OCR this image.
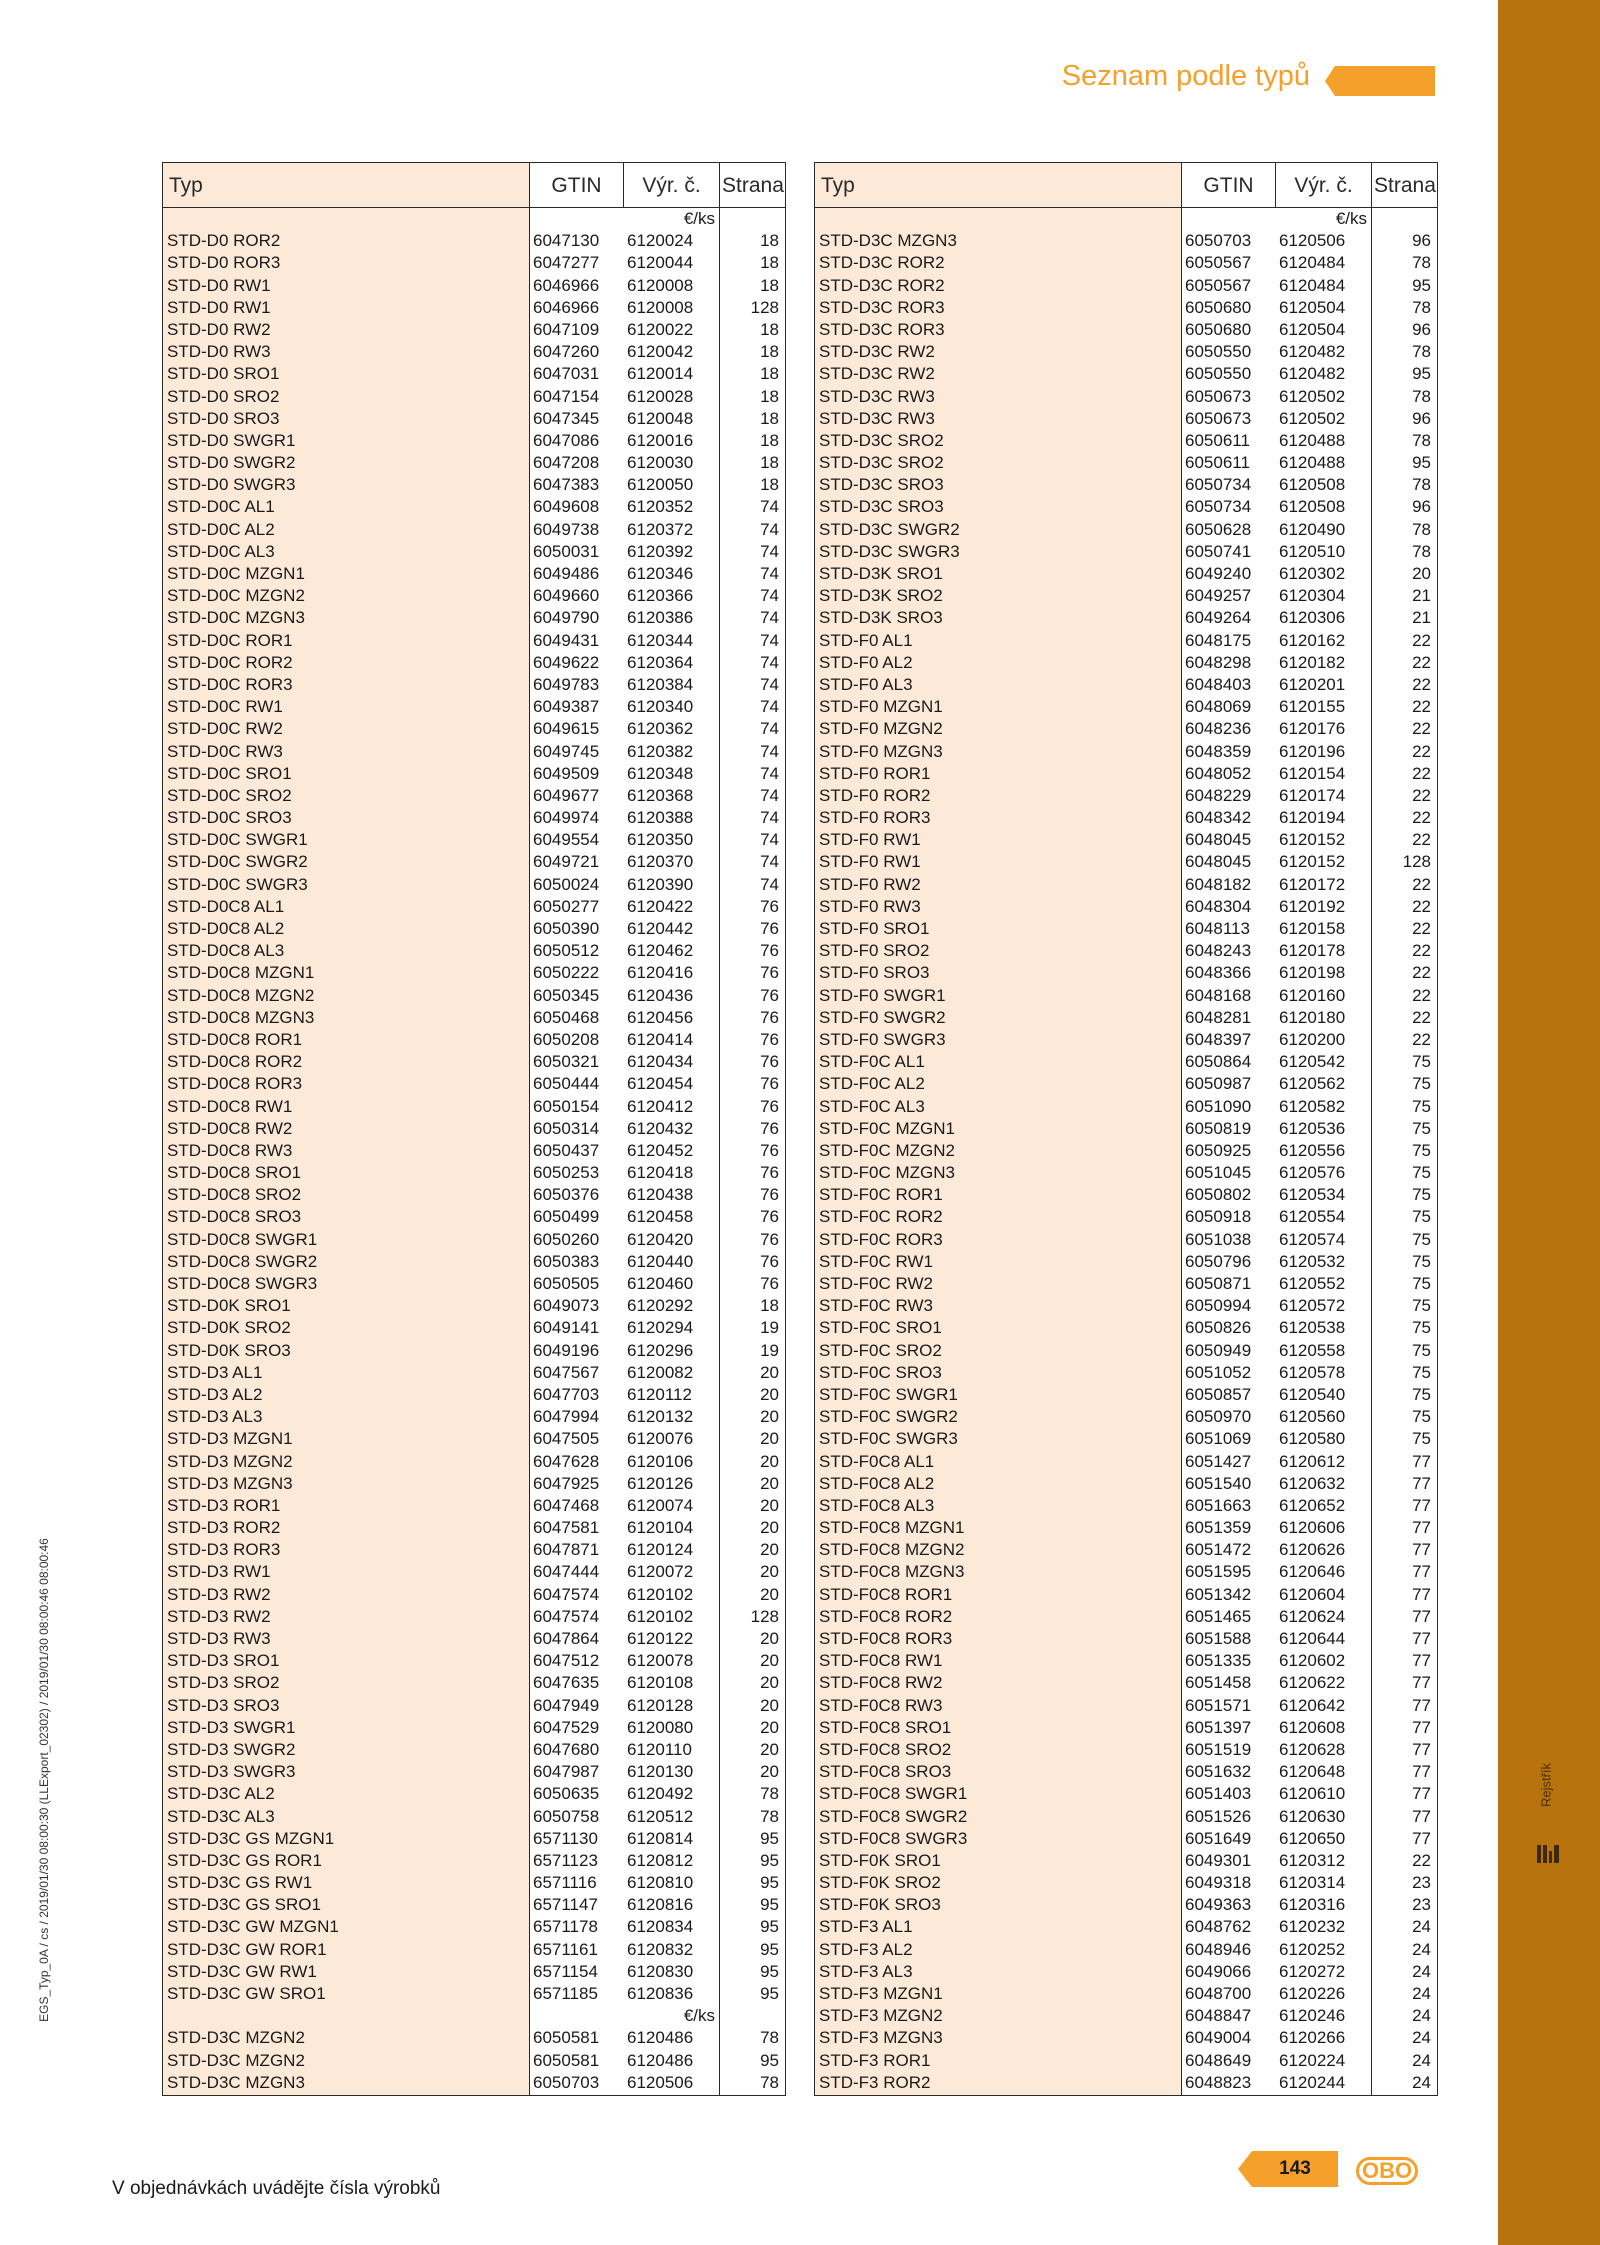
Rejstřík
Seznam podle typů
EGS_Typ_0A / cs / 2019/01/30 08:00:30 (LLExport_02302) / 2019/01/30 08:00:46 08:00:46
Typ	GTIN	Výr. č.	Strana
€/ks
STD-D0 ROR2	6047130	6120024	18
STD-D0 ROR3	6047277	6120044	18
STD-D0 RW1	6046966	6120008	18
STD-D0 RW1	6046966	6120008	128
STD-D0 RW2	6047109	6120022	18
STD-D0 RW3	6047260	6120042	18
STD-D0 SRO1	6047031	6120014	18
STD-D0 SRO2	6047154	6120028	18
STD-D0 SRO3	6047345	6120048	18
STD-D0 SWGR1	6047086	6120016	18
STD-D0 SWGR2	6047208	6120030	18
STD-D0 SWGR3	6047383	6120050	18
STD-D0C AL1	6049608	6120352	74
STD-D0C AL2	6049738	6120372	74
STD-D0C AL3	6050031	6120392	74
STD-D0C MZGN1	6049486	6120346	74
STD-D0C MZGN2	6049660	6120366	74
STD-D0C MZGN3	6049790	6120386	74
STD-D0C ROR1	6049431	6120344	74
STD-D0C ROR2	6049622	6120364	74
STD-D0C ROR3	6049783	6120384	74
STD-D0C RW1	6049387	6120340	74
STD-D0C RW2	6049615	6120362	74
STD-D0C RW3	6049745	6120382	74
STD-D0C SRO1	6049509	6120348	74
STD-D0C SRO2	6049677	6120368	74
STD-D0C SRO3	6049974	6120388	74
STD-D0C SWGR1	6049554	6120350	74
STD-D0C SWGR2	6049721	6120370	74
STD-D0C SWGR3	6050024	6120390	74
STD-D0C8 AL1	6050277	6120422	76
STD-D0C8 AL2	6050390	6120442	76
STD-D0C8 AL3	6050512	6120462	76
STD-D0C8 MZGN1	6050222	6120416	76
STD-D0C8 MZGN2	6050345	6120436	76
STD-D0C8 MZGN3	6050468	6120456	76
STD-D0C8 ROR1	6050208	6120414	76
STD-D0C8 ROR2	6050321	6120434	76
STD-D0C8 ROR3	6050444	6120454	76
STD-D0C8 RW1	6050154	6120412	76
STD-D0C8 RW2	6050314	6120432	76
STD-D0C8 RW3	6050437	6120452	76
STD-D0C8 SRO1	6050253	6120418	76
STD-D0C8 SRO2	6050376	6120438	76
STD-D0C8 SRO3	6050499	6120458	76
STD-D0C8 SWGR1	6050260	6120420	76
STD-D0C8 SWGR2	6050383	6120440	76
STD-D0C8 SWGR3	6050505	6120460	76
STD-D0K SRO1	6049073	6120292	18
STD-D0K SRO2	6049141	6120294	19
STD-D0K SRO3	6049196	6120296	19
STD-D3 AL1	6047567	6120082	20
STD-D3 AL2	6047703	6120112	20
STD-D3 AL3	6047994	6120132	20
STD-D3 MZGN1	6047505	6120076	20
STD-D3 MZGN2	6047628	6120106	20
STD-D3 MZGN3	6047925	6120126	20
STD-D3 ROR1	6047468	6120074	20
STD-D3 ROR2	6047581	6120104	20
STD-D3 ROR3	6047871	6120124	20
STD-D3 RW1	6047444	6120072	20
STD-D3 RW2	6047574	6120102	20
STD-D3 RW2	6047574	6120102	128
STD-D3 RW3	6047864	6120122	20
STD-D3 SRO1	6047512	6120078	20
STD-D3 SRO2	6047635	6120108	20
STD-D3 SRO3	6047949	6120128	20
STD-D3 SWGR1	6047529	6120080	20
STD-D3 SWGR2	6047680	6120110	20
STD-D3 SWGR3	6047987	6120130	20
STD-D3C AL2	6050635	6120492	78
STD-D3C AL3	6050758	6120512	78
STD-D3C GS MZGN1	6571130	6120814	95
STD-D3C GS ROR1	6571123	6120812	95
STD-D3C GS RW1	6571116	6120810	95
STD-D3C GS SRO1	6571147	6120816	95
STD-D3C GW MZGN1	6571178	6120834	95
STD-D3C GW ROR1	6571161	6120832	95
STD-D3C GW RW1	6571154	6120830	95
STD-D3C GW SRO1	6571185	6120836	95
€/ks
STD-D3C MZGN2	6050581	6120486	78
STD-D3C MZGN2	6050581	6120486	95
STD-D3C MZGN3	6050703	6120506	78
Typ	GTIN	Výr. č.	Strana
€/ks
STD-D3C MZGN3	6050703	6120506	96
STD-D3C ROR2	6050567	6120484	78
STD-D3C ROR2	6050567	6120484	95
STD-D3C ROR3	6050680	6120504	78
STD-D3C ROR3	6050680	6120504	96
STD-D3C RW2	6050550	6120482	78
STD-D3C RW2	6050550	6120482	95
STD-D3C RW3	6050673	6120502	78
STD-D3C RW3	6050673	6120502	96
STD-D3C SRO2	6050611	6120488	78
STD-D3C SRO2	6050611	6120488	95
STD-D3C SRO3	6050734	6120508	78
STD-D3C SRO3	6050734	6120508	96
STD-D3C SWGR2	6050628	6120490	78
STD-D3C SWGR3	6050741	6120510	78
STD-D3K SRO1	6049240	6120302	20
STD-D3K SRO2	6049257	6120304	21
STD-D3K SRO3	6049264	6120306	21
STD-F0 AL1	6048175	6120162	22
STD-F0 AL2	6048298	6120182	22
STD-F0 AL3	6048403	6120201	22
STD-F0 MZGN1	6048069	6120155	22
STD-F0 MZGN2	6048236	6120176	22
STD-F0 MZGN3	6048359	6120196	22
STD-F0 ROR1	6048052	6120154	22
STD-F0 ROR2	6048229	6120174	22
STD-F0 ROR3	6048342	6120194	22
STD-F0 RW1	6048045	6120152	22
STD-F0 RW1	6048045	6120152	128
STD-F0 RW2	6048182	6120172	22
STD-F0 RW3	6048304	6120192	22
STD-F0 SRO1	6048113	6120158	22
STD-F0 SRO2	6048243	6120178	22
STD-F0 SRO3	6048366	6120198	22
STD-F0 SWGR1	6048168	6120160	22
STD-F0 SWGR2	6048281	6120180	22
STD-F0 SWGR3	6048397	6120200	22
STD-F0C AL1	6050864	6120542	75
STD-F0C AL2	6050987	6120562	75
STD-F0C AL3	6051090	6120582	75
STD-F0C MZGN1	6050819	6120536	75
STD-F0C MZGN2	6050925	6120556	75
STD-F0C MZGN3	6051045	6120576	75
STD-F0C ROR1	6050802	6120534	75
STD-F0C ROR2	6050918	6120554	75
STD-F0C ROR3	6051038	6120574	75
STD-F0C RW1	6050796	6120532	75
STD-F0C RW2	6050871	6120552	75
STD-F0C RW3	6050994	6120572	75
STD-F0C SRO1	6050826	6120538	75
STD-F0C SRO2	6050949	6120558	75
STD-F0C SRO3	6051052	6120578	75
STD-F0C SWGR1	6050857	6120540	75
STD-F0C SWGR2	6050970	6120560	75
STD-F0C SWGR3	6051069	6120580	75
STD-F0C8 AL1	6051427	6120612	77
STD-F0C8 AL2	6051540	6120632	77
STD-F0C8 AL3	6051663	6120652	77
STD-F0C8 MZGN1	6051359	6120606	77
STD-F0C8 MZGN2	6051472	6120626	77
STD-F0C8 MZGN3	6051595	6120646	77
STD-F0C8 ROR1	6051342	6120604	77
STD-F0C8 ROR2	6051465	6120624	77
STD-F0C8 ROR3	6051588	6120644	77
STD-F0C8 RW1	6051335	6120602	77
STD-F0C8 RW2	6051458	6120622	77
STD-F0C8 RW3	6051571	6120642	77
STD-F0C8 SRO1	6051397	6120608	77
STD-F0C8 SRO2	6051519	6120628	77
STD-F0C8 SRO3	6051632	6120648	77
STD-F0C8 SWGR1	6051403	6120610	77
STD-F0C8 SWGR2	6051526	6120630	77
STD-F0C8 SWGR3	6051649	6120650	77
STD-F0K SRO1	6049301	6120312	22
STD-F0K SRO2	6049318	6120314	23
STD-F0K SRO3	6049363	6120316	23
STD-F3 AL1	6048762	6120232	24
STD-F3 AL2	6048946	6120252	24
STD-F3 AL3	6049066	6120272	24
STD-F3 MZGN1	6048700	6120226	24
STD-F3 MZGN2	6048847	6120246	24
STD-F3 MZGN3	6049004	6120266	24
STD-F3 ROR1	6048649	6120224	24
STD-F3 ROR2	6048823	6120244	24
V objednávkách uvádějte čísla výrobků
143	OBO
